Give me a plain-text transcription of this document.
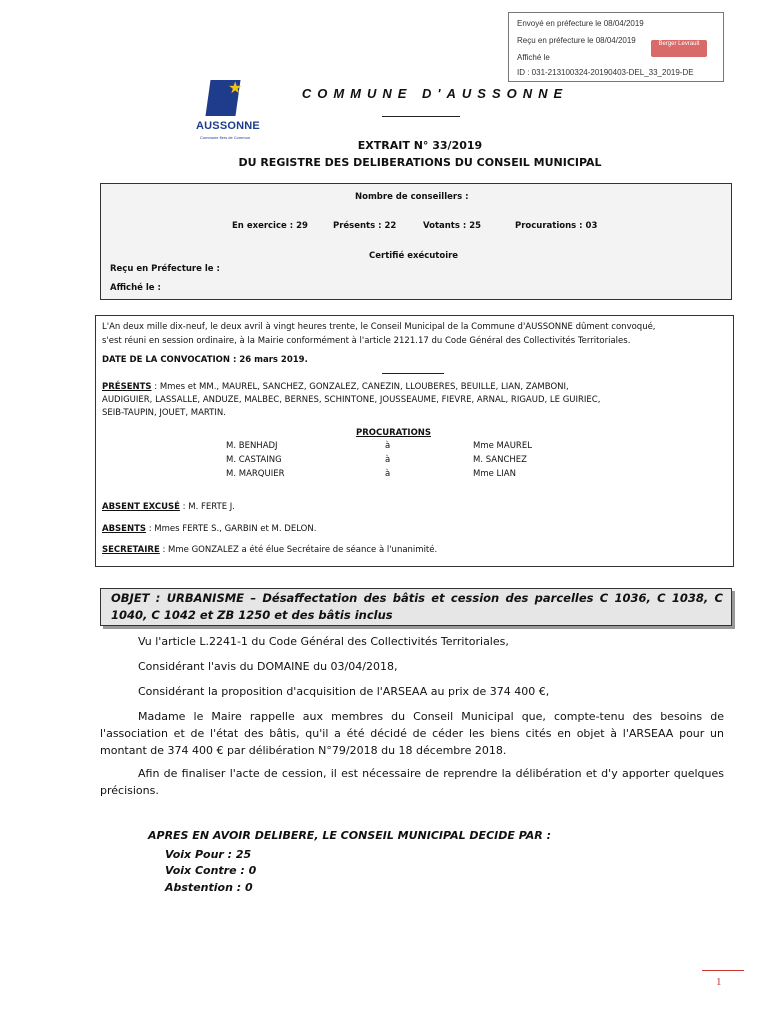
Envoyé en préfecture le 08/04/2019
Reçu en préfecture le 08/04/2019
Affiché le
ID : 031-213100324-20190403-DEL_33_2019-DE
Berger Levrault
★
AUSSONNE
Commune fiers de Commun
COMMUNE D'AUSSONNE
EXTRAIT N° 33/2019
DU REGISTRE DES DELIBERATIONS DU CONSEIL MUNICIPAL
Nombre de conseillers :
En exercice : 29	Présents : 22	Votants : 25	Procurations : 03
Certifié exécutoire
Reçu en Préfecture le :
Affiché le :
L'An deux mille dix-neuf, le deux avril à vingt heures trente, le Conseil Municipal de la Commune d'AUSSONNE dûment convoqué,
s'est réuni en session ordinaire, à la Mairie conformément à l'article 2121.17 du Code Général des Collectivités Territoriales.
DATE DE LA CONVOCATION : 26 mars 2019.
PRÉSENTS : Mmes et MM., MAUREL, SANCHEZ, GONZALEZ, CANEZIN, LLOUBERES, BEUILLE, LIAN, ZAMBONI,
AUDIGUIER, LASSALLE, ANDUZE, MALBEC, BERNES, SCHINTONE, JOUSSEAUME, FIEVRE, ARNAL, RIGAUD, LE GUIRIEC,
SEIB-TAUPIN, JOUET, MARTIN.
PROCURATIONS
M. BENHADJ	à	Mme MAUREL
M. CASTAING	à	M. SANCHEZ
M. MARQUIER	à	Mme LIAN
ABSENT EXCUSÉ : M. FERTE J.
ABSENTS : Mmes FERTE S., GARBIN et M. DELON.
SECRETAIRE : Mme GONZALEZ a été élue Secrétaire de séance à l'unanimité.
OBJET : URBANISME – Désaffectation des bâtis et cession des parcelles C 1036, C 1038, C 1040, C 1042 et ZB 1250 et des bâtis inclus
Vu l'article L.2241-1 du Code Général des Collectivités Territoriales,
Considérant l'avis du DOMAINE du 03/04/2018,
Considérant la proposition d'acquisition de l'ARSEAA au prix de 374 400 €,
Madame le Maire rappelle aux membres du Conseil Municipal que, compte-tenu des besoins de l'association et de l'état des bâtis, qu'il a été décidé de céder les biens cités en objet à l'ARSEAA pour un montant de 374 400 € par délibération N°79/2018 du 18 décembre 2018.
Afin de finaliser l'acte de cession, il est nécessaire de reprendre la délibération et d'y apporter quelques précisions.
APRES EN AVOIR DELIBERE, LE CONSEIL MUNICIPAL DECIDE PAR :
Voix Pour : 25
Voix Contre : 0
Abstention : 0
1
